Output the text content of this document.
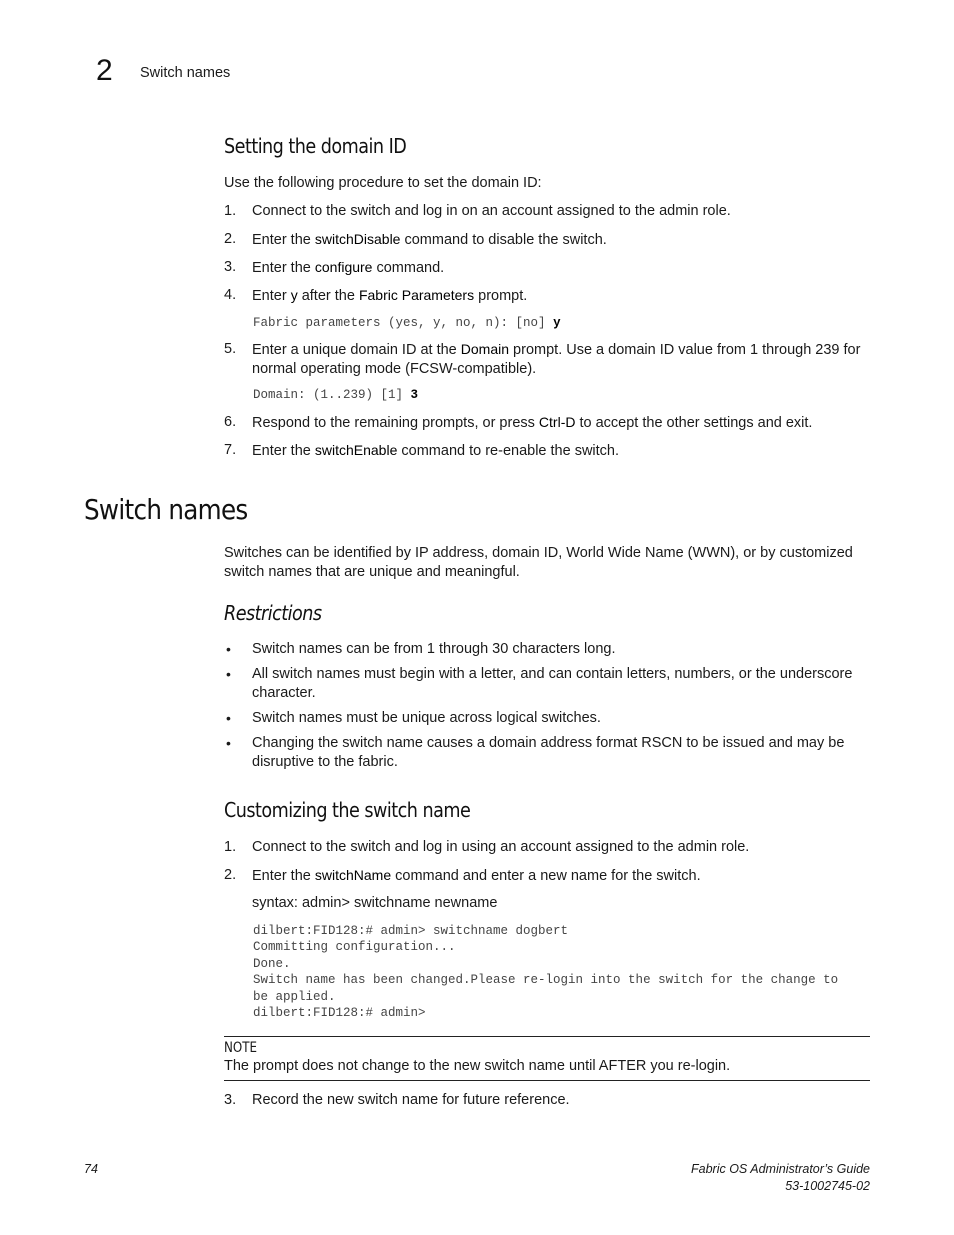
2 Switch names
Setting the domain ID
Use the following procedure to set the domain ID:
1. Connect to the switch and log in on an account assigned to the admin role.
2. Enter the switchDisable command to disable the switch.
3. Enter the configure command.
4. Enter y after the Fabric Parameters prompt.
Fabric parameters (yes, y, no, n): [no] y
5. Enter a unique domain ID at the Domain prompt. Use a domain ID value from 1 through 239 for normal operating mode (FCSW-compatible).
Domain: (1..239) [1] 3
6. Respond to the remaining prompts, or press Ctrl-D to accept the other settings and exit.
7. Enter the switchEnable command to re-enable the switch.
Switch names
Switches can be identified by IP address, domain ID, World Wide Name (WWN), or by customized switch names that are unique and meaningful.
Restrictions
• Switch names can be from 1 through 30 characters long.
• All switch names must begin with a letter, and can contain letters, numbers, or the underscore character.
• Switch names must be unique across logical switches.
• Changing the switch name causes a domain address format RSCN to be issued and may be disruptive to the fabric.
Customizing the switch name
1. Connect to the switch and log in using an account assigned to the admin role.
2. Enter the switchName command and enter a new name for the switch.
syntax: admin> switchname newname
dilbert:FID128:# admin> switchname dogbert
Committing configuration...
Done.
Switch name has been changed.Please re-login into the switch for the change to
be applied.
dilbert:FID128:# admin>
NOTE
The prompt does not change to the new switch name until AFTER you re-login.
3. Record the new switch name for future reference.
74	Fabric OS Administrator’s Guide
53-1002745-02
